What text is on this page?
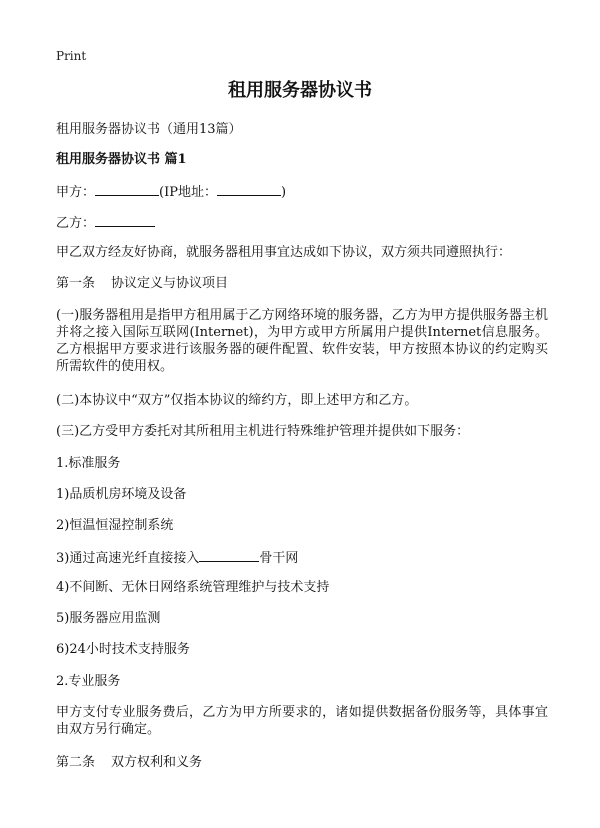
Print
租用服务器协议书
租用服务器协议书（通用13篇）
租用服务器协议书 篇1
甲方：	(IP地址：	)
乙方：
甲乙双方经友好协商，就服务器租用事宜达成如下协议，双方须共同遵照执行：
第一条 协议定义与协议项目
(一)服务器租用是指甲方租用属于乙方网络环境的服务器，乙方为甲方提供服务器主机并将之接入国际互联网(Internet)，为甲方或甲方所属用户提供Internet信息服务。乙方根据甲方要求进行该服务器的硬件配置、软件安装，甲方按照本协议的约定购买所需软件的使用权。
(二)本协议中“双方”仅指本协议的缔约方，即上述甲方和乙方。
(三)乙方受甲方委托对其所租用主机进行特殊维护管理并提供如下服务：
1.标准服务
1)品质机房环境及设备
2)恒温恒湿控制系统
3)通过高速光纤直接接入	骨干网
4)不间断、无休日网络系统管理维护与技术支持
5)服务器应用监测
6)24小时技术支持服务
2.专业服务
甲方支付专业服务费后，乙方为甲方所要求的，诸如提供数据备份服务等，具体事宜由双方另行确定。
第二条 双方权利和义务
